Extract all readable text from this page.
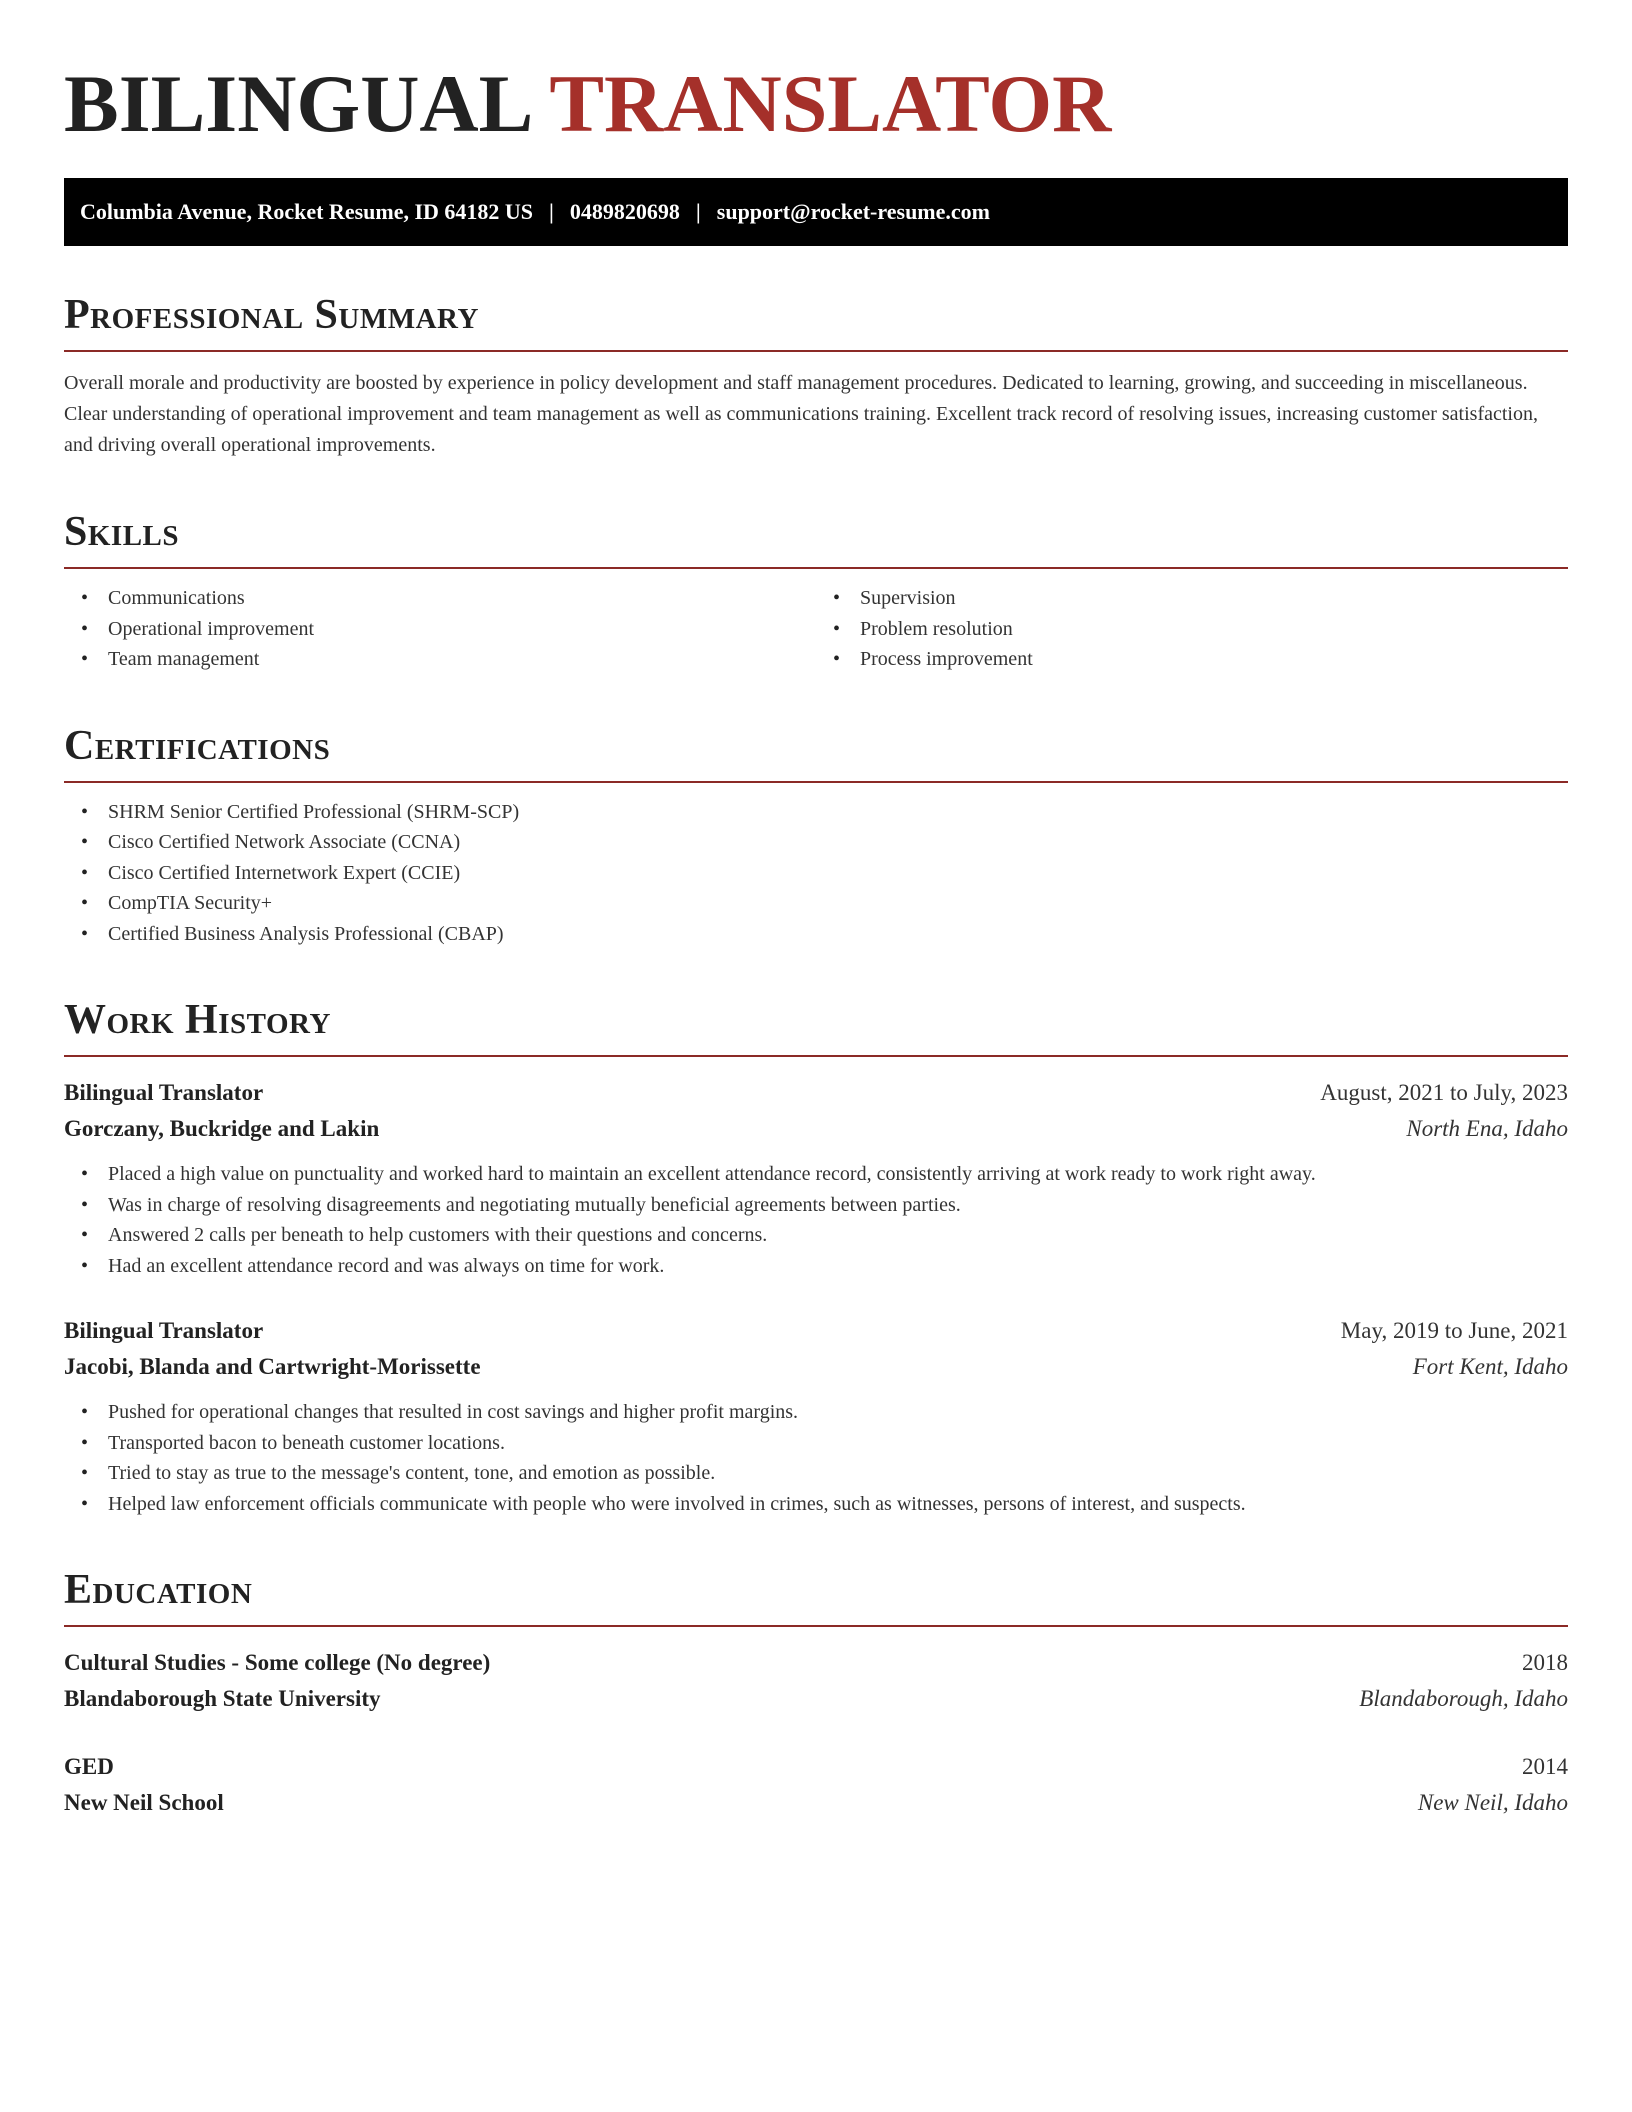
BILINGUAL TRANSLATOR
Columbia Avenue, Rocket Resume, ID 64182 US | 0489820698 | support@rocket-resume.com
Professional Summary

Overall morale and productivity are boosted by experience in policy development and staff management procedures. Dedicated to learning, growing, and succeeding in miscellaneous. Clear understanding of operational improvement and team management as well as communications training. Excellent track record of resolving issues, increasing customer satisfaction, and driving overall operational improvements.

Skills
• Communications
• Operational improvement
• Team management
• Supervision
• Problem resolution
• Process improvement
Certifications
• SHRM Senior Certified Professional (SHRM-SCP)
• Cisco Certified Network Associate (CCNA)
• Cisco Certified Internetwork Expert (CCIE)
• CompTIA Security+
• Certified Business Analysis Professional (CBAP)
Work History
Bilingual Translator	August, 2021 to July, 2023
Gorczany, Buckridge and Lakin	North Ena, Idaho
• Placed a high value on punctuality and worked hard to maintain an excellent attendance record, consistently arriving at work ready to work right away.
• Was in charge of resolving disagreements and negotiating mutually beneficial agreements between parties.
• Answered 2 calls per beneath to help customers with their questions and concerns.
• Had an excellent attendance record and was always on time for work.
Bilingual Translator	May, 2019 to June, 2021
Jacobi, Blanda and Cartwright-Morissette	Fort Kent, Idaho
• Pushed for operational changes that resulted in cost savings and higher profit margins.
• Transported bacon to beneath customer locations.
• Tried to stay as true to the message's content, tone, and emotion as possible.
• Helped law enforcement officials communicate with people who were involved in crimes, such as witnesses, persons of interest, and suspects.
Education
Cultural Studies - Some college (No degree)	2018
Blandaborough State University	Blandaborough, Idaho
GED	2014
New Neil School	New Neil, Idaho
